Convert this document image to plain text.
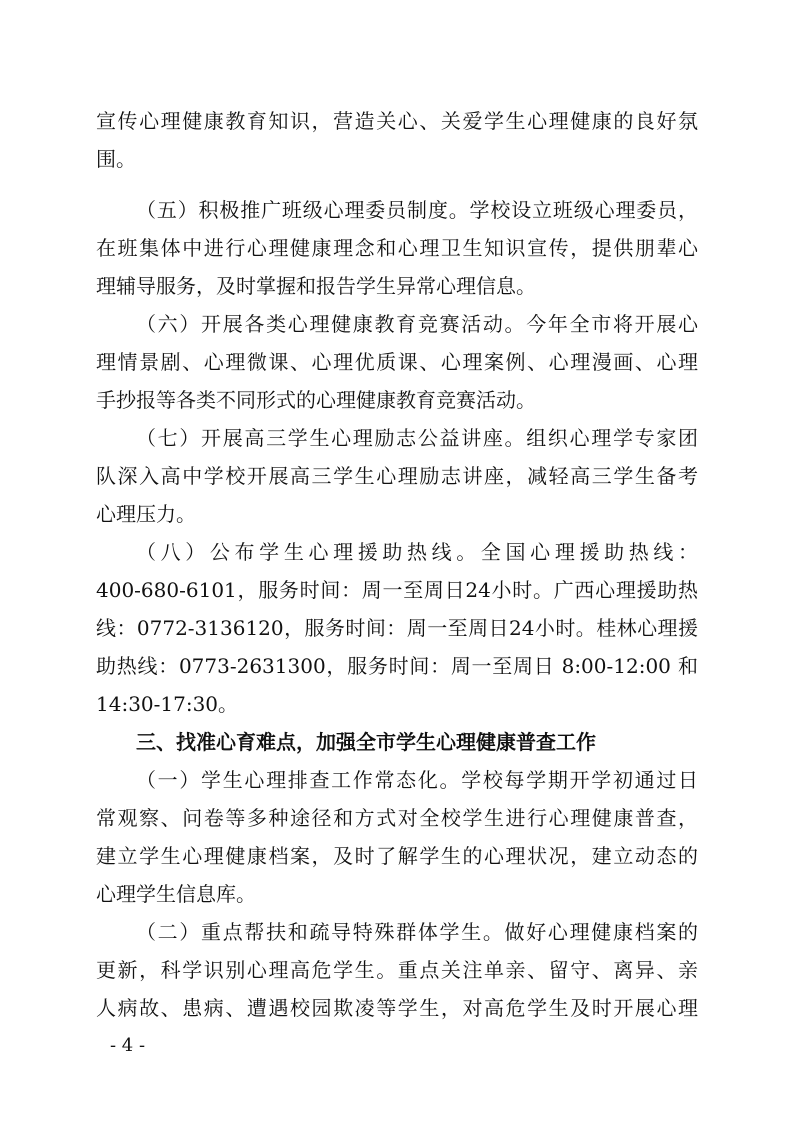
宣传心理健康教育知识，营造关心、关爱学生心理健康的良好氛
围。
（五）积极推广班级心理委员制度。学校设立班级心理委员，
在班集体中进行心理健康理念和心理卫生知识宣传，提供朋辈心
理辅导服务，及时掌握和报告学生异常心理信息。
（六）开展各类心理健康教育竞赛活动。今年全市将开展心
理情景剧、心理微课、心理优质课、心理案例、心理漫画、心理
手抄报等各类不同形式的心理健康教育竞赛活动。
（七）开展高三学生心理励志公益讲座。组织心理学专家团
队深入高中学校开展高三学生心理励志讲座，减轻高三学生备考
心理压力。
（八）公布学生心理援助热线。全国心理援助热线：
400-680-6101，服务时间：周一至周日24小时。广西心理援助热
线：0772-3136120，服务时间：周一至周日24小时。桂林心理援
助热线：0773-2631300，服务时间：周一至周日 8:00-12:00 和
14:30-17:30。
三、找准心育难点，加强全市学生心理健康普查工作
（一）学生心理排查工作常态化。学校每学期开学初通过日
常观察、问卷等多种途径和方式对全校学生进行心理健康普查，
建立学生心理健康档案，及时了解学生的心理状况，建立动态的
心理学生信息库。
（二）重点帮扶和疏导特殊群体学生。做好心理健康档案的
更新，科学识别心理高危学生。重点关注单亲、留守、离异、亲
人病故、患病、遭遇校园欺凌等学生，对高危学生及时开展心理
- 4 -
